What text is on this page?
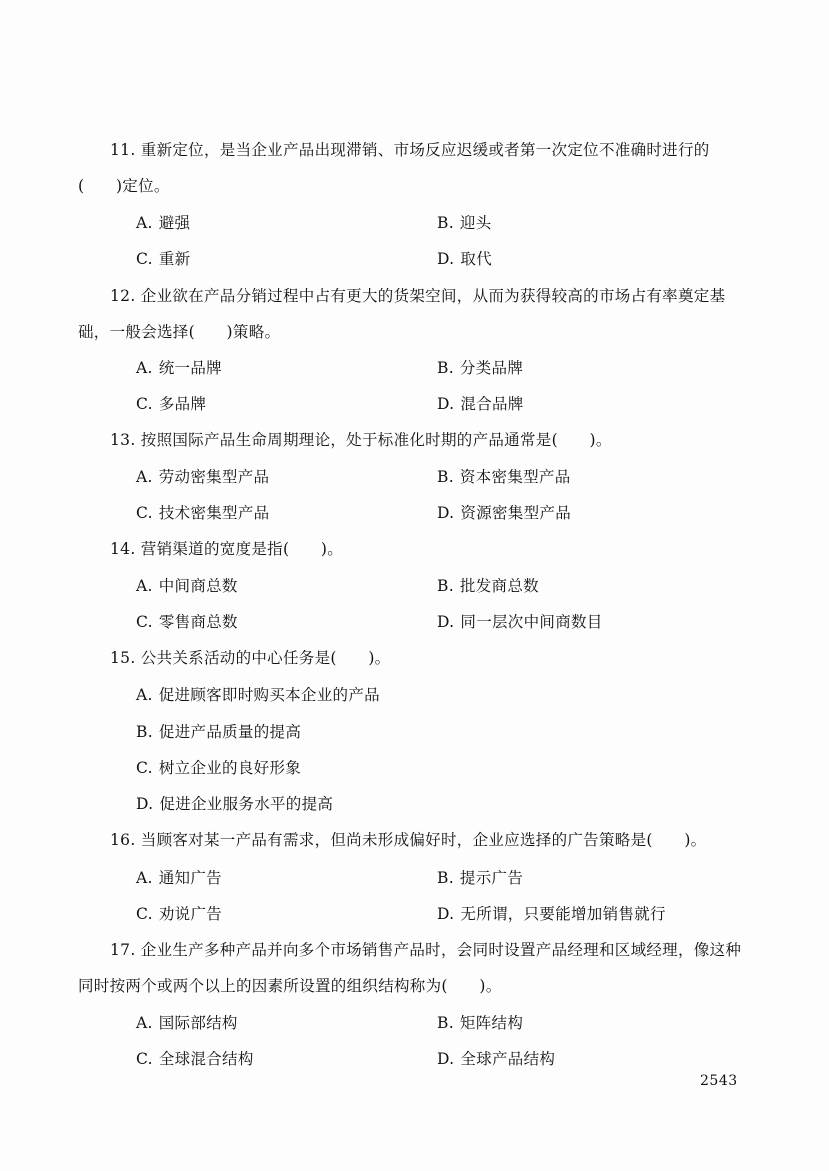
11. 重新定位，是当企业产品出现滞销、市场反应迟缓或者第一次定位不准确时进行的(　　)定位。

A. 避强	B. 迎头
C. 重新	D. 取代

12. 企业欲在产品分销过程中占有更大的货架空间，从而为获得较高的市场占有率奠定基础，一般会选择(　　)策略。

A. 统一品牌	B. 分类品牌
C. 多品牌	D. 混合品牌

13. 按照国际产品生命周期理论，处于标准化时期的产品通常是(　　)。

A. 劳动密集型产品	B. 资本密集型产品
C. 技术密集型产品	D. 资源密集型产品

14. 营销渠道的宽度是指(　　)。

A. 中间商总数	B. 批发商总数
C. 零售商总数	D. 同一层次中间商数目

15. 公共关系活动的中心任务是(　　)。

A. 促进顾客即时购买本企业的产品
B. 促进产品质量的提高
C. 树立企业的良好形象
D. 促进企业服务水平的提高

16. 当顾客对某一产品有需求，但尚未形成偏好时，企业应选择的广告策略是(　　)。

A. 通知广告	B. 提示广告
C. 劝说广告	D. 无所谓，只要能增加销售就行

17. 企业生产多种产品并向多个市场销售产品时，会同时设置产品经理和区域经理，像这种同时按两个或两个以上的因素所设置的组织结构称为(　　)。

A. 国际部结构	B. 矩阵结构
C. 全球混合结构	D. 全球产品结构
2543
